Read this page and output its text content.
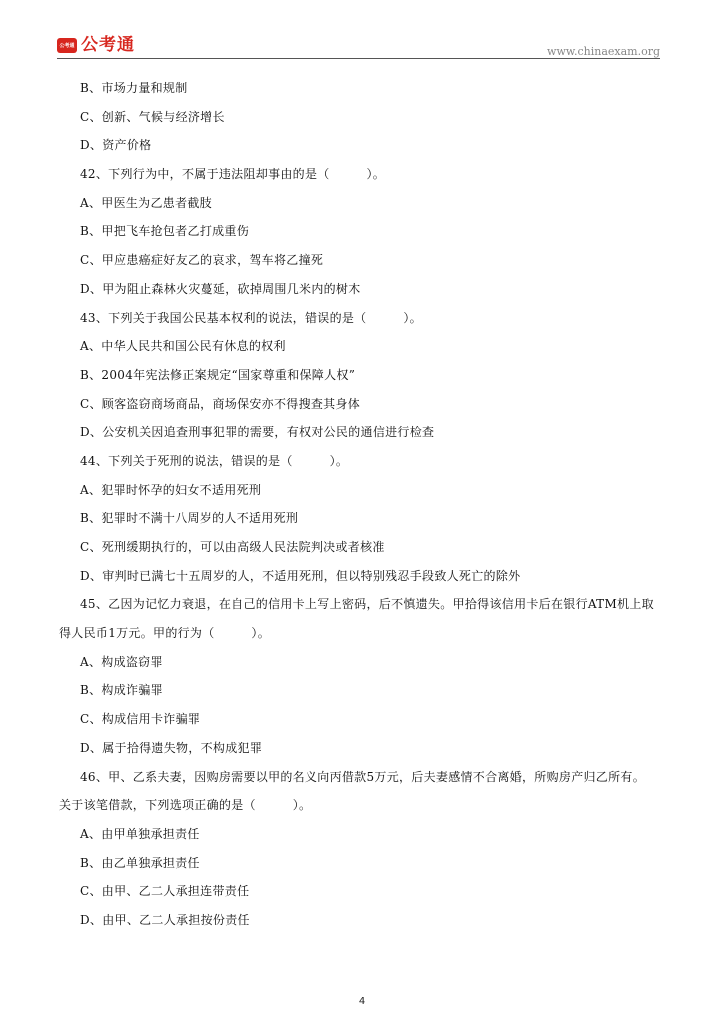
公考通 公考通	www.chinaexam.org
B、市场力量和规制
C、创新、气候与经济增长
D、资产价格
42、下列行为中，不属于违法阻却事由的是（　　　）。
A、甲医生为乙患者截肢
B、甲把飞车抢包者乙打成重伤
C、甲应患癌症好友乙的哀求，驾车将乙撞死
D、甲为阻止森林火灾蔓延，砍掉周围几米内的树木
43、下列关于我国公民基本权利的说法，错误的是（　　　）。
A、中华人民共和国公民有休息的权利
B、2004年宪法修正案规定“国家尊重和保障人权”
C、顾客盗窃商场商品，商场保安亦不得搜查其身体
D、公安机关因追查刑事犯罪的需要，有权对公民的通信进行检查
44、下列关于死刑的说法，错误的是（　　　）。
A、犯罪时怀孕的妇女不适用死刑
B、犯罪时不满十八周岁的人不适用死刑
C、死刑缓期执行的，可以由高级人民法院判决或者核准
D、审判时已满七十五周岁的人，不适用死刑，但以特别残忍手段致人死亡的除外
45、乙因为记忆力衰退，在自己的信用卡上写上密码，后不慎遗失。甲拾得该信用卡后在银行ATM机上取
得人民币1万元。甲的行为（　　　）。
A、构成盗窃罪
B、构成诈骗罪
C、构成信用卡诈骗罪
D、属于拾得遗失物，不构成犯罪
46、甲、乙系夫妻，因购房需要以甲的名义向丙借款5万元，后夫妻感情不合离婚，所购房产归乙所有。
关于该笔借款，下列选项正确的是（　　　）。
A、由甲单独承担责任
B、由乙单独承担责任
C、由甲、乙二人承担连带责任
D、由甲、乙二人承担按份责任
4
